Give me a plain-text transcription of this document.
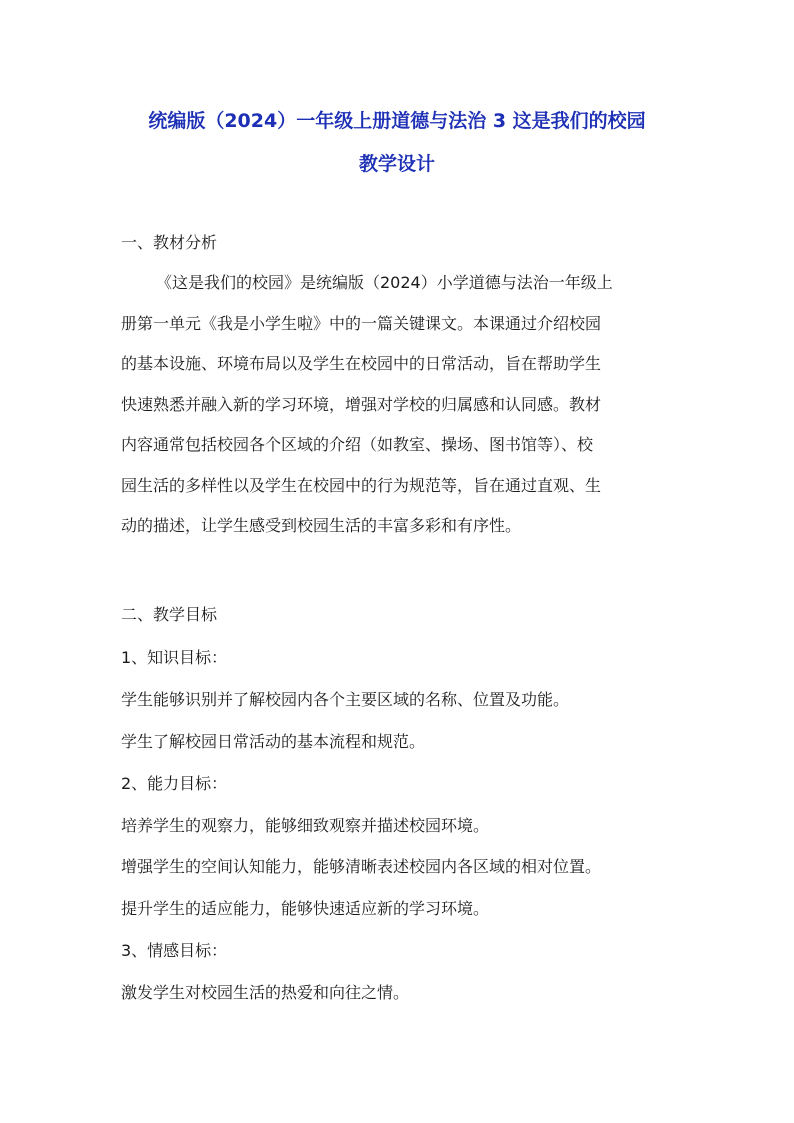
统编版（2024）一年级上册道德与法治 3 这是我们的校园
教学设计
一、教材分析
《这是我们的校园》是统编版（2024）小学道德与法治一年级上
册第一单元《我是小学生啦》中的一篇关键课文。本课通过介绍校园
的基本设施、环境布局以及学生在校园中的日常活动，旨在帮助学生
快速熟悉并融入新的学习环境，增强对学校的归属感和认同感。教材
内容通常包括校园各个区域的介绍（如教室、操场、图书馆等）、校
园生活的多样性以及学生在校园中的行为规范等，旨在通过直观、生
动的描述，让学生感受到校园生活的丰富多彩和有序性。
二、教学目标
1、知识目标：
学生能够识别并了解校园内各个主要区域的名称、位置及功能。
学生了解校园日常活动的基本流程和规范。
2、能力目标：
培养学生的观察力，能够细致观察并描述校园环境。
增强学生的空间认知能力，能够清晰表述校园内各区域的相对位置。
提升学生的适应能力，能够快速适应新的学习环境。
3、情感目标：
激发学生对校园生活的热爱和向往之情。
